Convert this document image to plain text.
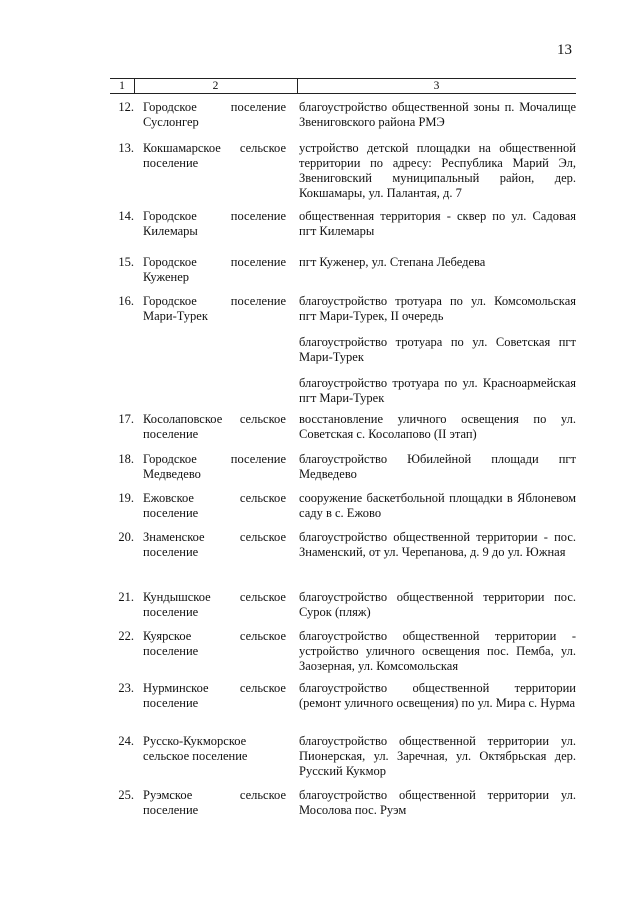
13
1	2	3
12. Городское поселение Суслонгер

благоустройство общественной зоны п. Мочалище Звениговского района РМЭ

13. Кокшамарское сельское поселение

устройство детской площадки на общественной территории по адресу: Республика Марий Эл, Звениговский муниципальный район, дер. Кокшамары, ул. Палантая, д. 7

14. Городское поселение Килемары

общественная территория - сквер по ул. Садовая пгт Килемары

15. Городское поселение Куженер

пгт Куженер, ул. Степана Лебедева

16. Городское поселение Мари-Турек

благоустройство тротуара по ул. Комсомольская пгт Мари-Турек, II очередь

благоустройство тротуара по ул. Советская пгт Мари-Турек

благоустройство тротуара по ул. Красноармейская пгт Мари-Турек

17. Косолаповское сельское поселение

восстановление уличного освещения по ул. Советская с. Косолапово (II этап)

18. Городское поселение Медведево

благоустройство Юбилейной площади пгт Медведево

19. Ежовское сельское поселение

сооружение баскетбольной площадки в Яблоневом саду в с. Ежово

20. Знаменское сельское поселение

благоустройство общественной территории - пос. Знаменский, от ул. Черепанова, д. 9 до ул. Южная

21. Кундышское сельское поселение

благоустройство общественной территории пос. Сурок (пляж)

22. Куярское сельское поселение

благоустройство общественной территории - устройство уличного освещения пос. Пемба, ул. Заозерная, ул. Комсомольская

23. Нурминское сельское поселение

благоустройство общественной территории (ремонт уличного освещения) по ул. Мира с. Нурма

24. Русско-Кукморское сельское поселение

благоустройство общественной территории ул. Пионерская, ул. Заречная, ул. Октябрьская дер. Русский Кукмор

25. Руэмское сельское поселение

благоустройство общественной территории ул. Мосолова пос. Руэм
